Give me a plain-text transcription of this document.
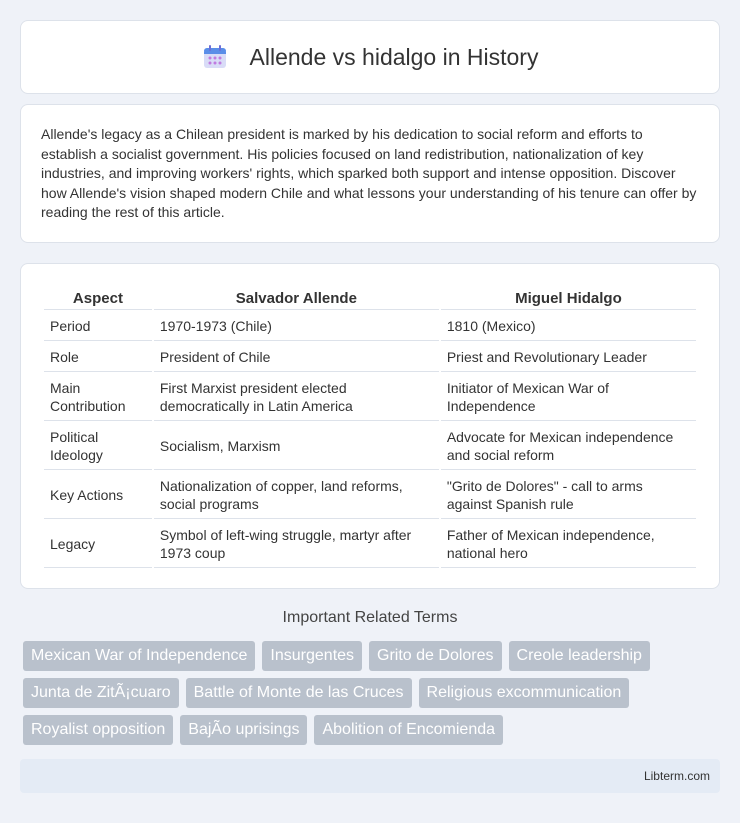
Allende vs hidalgo in History

Allende's legacy as a Chilean president is marked by his dedication to social reform and efforts to establish a socialist government. His policies focused on land redistribution, nationalization of key industries, and improving workers' rights, which sparked both support and intense opposition. Discover how Allende's vision shaped modern Chile and what lessons your understanding of his tenure can offer by reading the rest of this article.

Aspect	Salvador Allende	Miguel Hidalgo
Period	1970-1973 (Chile)	1810 (Mexico)
Role	President of Chile	Priest and Revolutionary Leader
Main Contribution	First Marxist president elected democratically in Latin America	Initiator of Mexican War of Independence
Political Ideology	Socialism, Marxism	Advocate for Mexican independence and social reform
Key Actions	Nationalization of copper, land reforms, social programs	"Grito de Dolores" - call to arms against Spanish rule
Legacy	Symbol of left-wing struggle, martyr after 1973 coup	Father of Mexican independence, national hero
Important Related Terms
Mexican War of Independence	Insurgentes	Grito de Dolores	Creole leadership
Junta de ZitÃ¡cuaro	Battle of Monte de las Cruces	Religious excommunication
Royalist opposition	BajÃo uprisings	Abolition of Encomienda
Libterm.com
